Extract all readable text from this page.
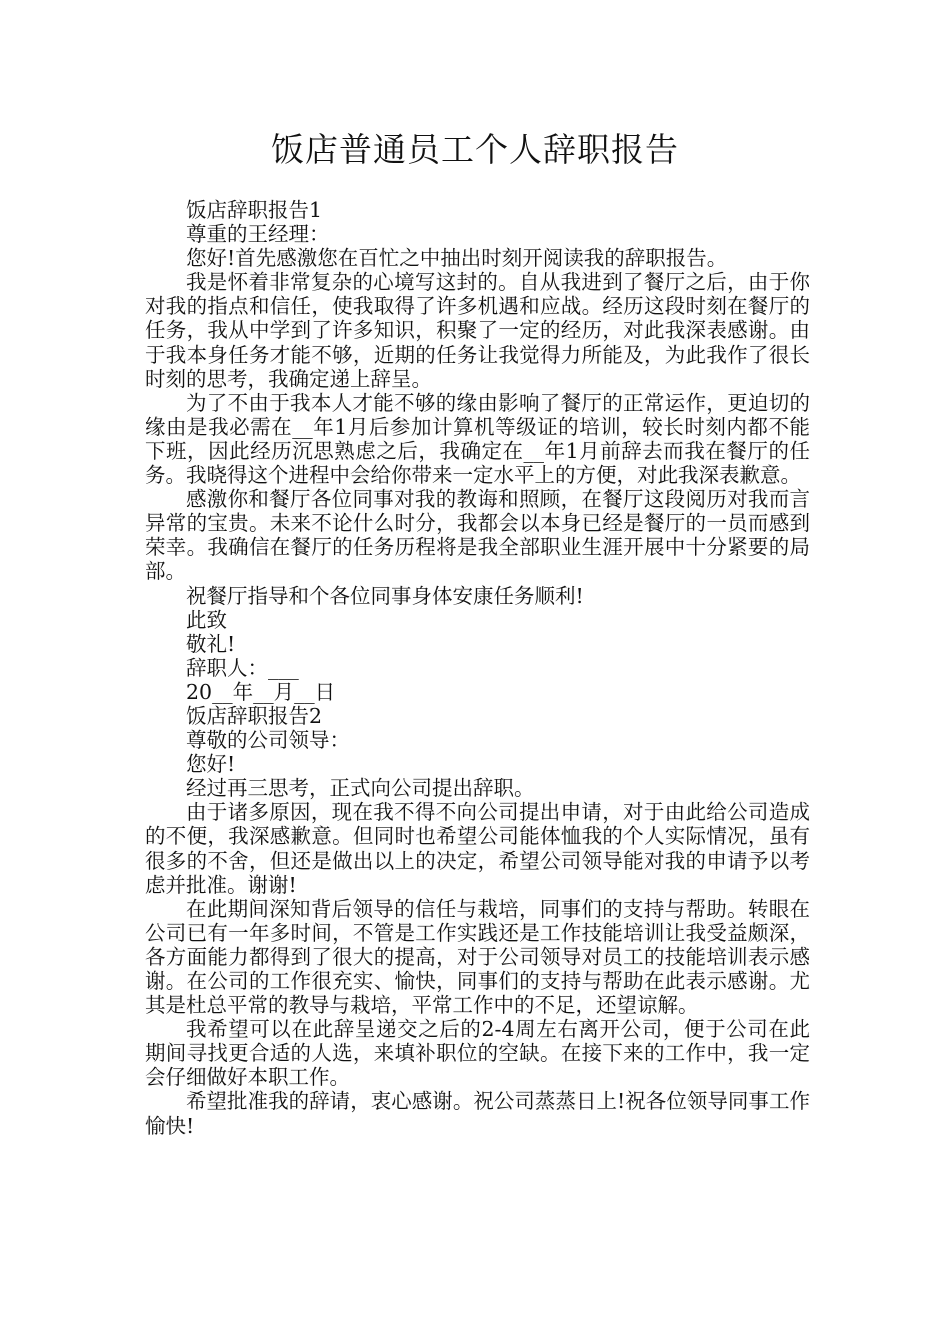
饭店普通员工个人辞职报告

饭店辞职报告1

尊重的王经理：

您好!首先感激您在百忙之中抽出时刻开阅读我的辞职报告。

我是怀着非常复杂的心境写这封的。自从我进到了餐厅之后，由于你对我的指点和信任，使我取得了许多机遇和应战。经历这段时刻在餐厅的任务，我从中学到了许多知识，积聚了一定的经历，对此我深表感谢。由于我本身任务才能不够，近期的任务让我觉得力所能及，为此我作了很长时刻的思考，我确定递上辞呈。

为了不由于我本人才能不够的缘由影响了餐厅的正常运作，更迫切的缘由是我必需在__年1月后参加计算机等级证的培训，较长时刻内都不能下班，因此经历沉思熟虑之后，我确定在__年1月前辞去而我在餐厅的任务。我晓得这个进程中会给你带来一定水平上的方便，对此我深表歉意。

感激你和餐厅各位同事对我的教诲和照顾，在餐厅这段阅历对我而言异常的宝贵。未来不论什么时分，我都会以本身已经是餐厅的一员而感到荣幸。我确信在餐厅的任务历程将是我全部职业生涯开展中十分紧要的局部。

祝餐厅指导和个各位同事身体安康任务顺利!

此致

敬礼!

辞职人：___

20__年__月__日

饭店辞职报告2

尊敬的公司领导：

您好!

经过再三思考，正式向公司提出辞职。

由于诸多原因，现在我不得不向公司提出申请，对于由此给公司造成的不便，我深感歉意。但同时也希望公司能体恤我的个人实际情况，虽有很多的不舍，但还是做出以上的决定，希望公司领导能对我的申请予以考虑并批准。谢谢!

在此期间深知背后领导的信任与栽培，同事们的支持与帮助。转眼在公司已有一年多时间，不管是工作实践还是工作技能培训让我受益颇深，各方面能力都得到了很大的提高，对于公司领导对员工的技能培训表示感谢。在公司的工作很充实、愉快，同事们的支持与帮助在此表示感谢。尤其是杜总平常的教导与栽培，平常工作中的不足，还望谅解。

我希望可以在此辞呈递交之后的2-4周左右离开公司，便于公司在此期间寻找更合适的人选，来填补职位的空缺。在接下来的工作中，我一定会仔细做好本职工作。

希望批准我的辞请，衷心感谢。祝公司蒸蒸日上!祝各位领导同事工作愉快!
